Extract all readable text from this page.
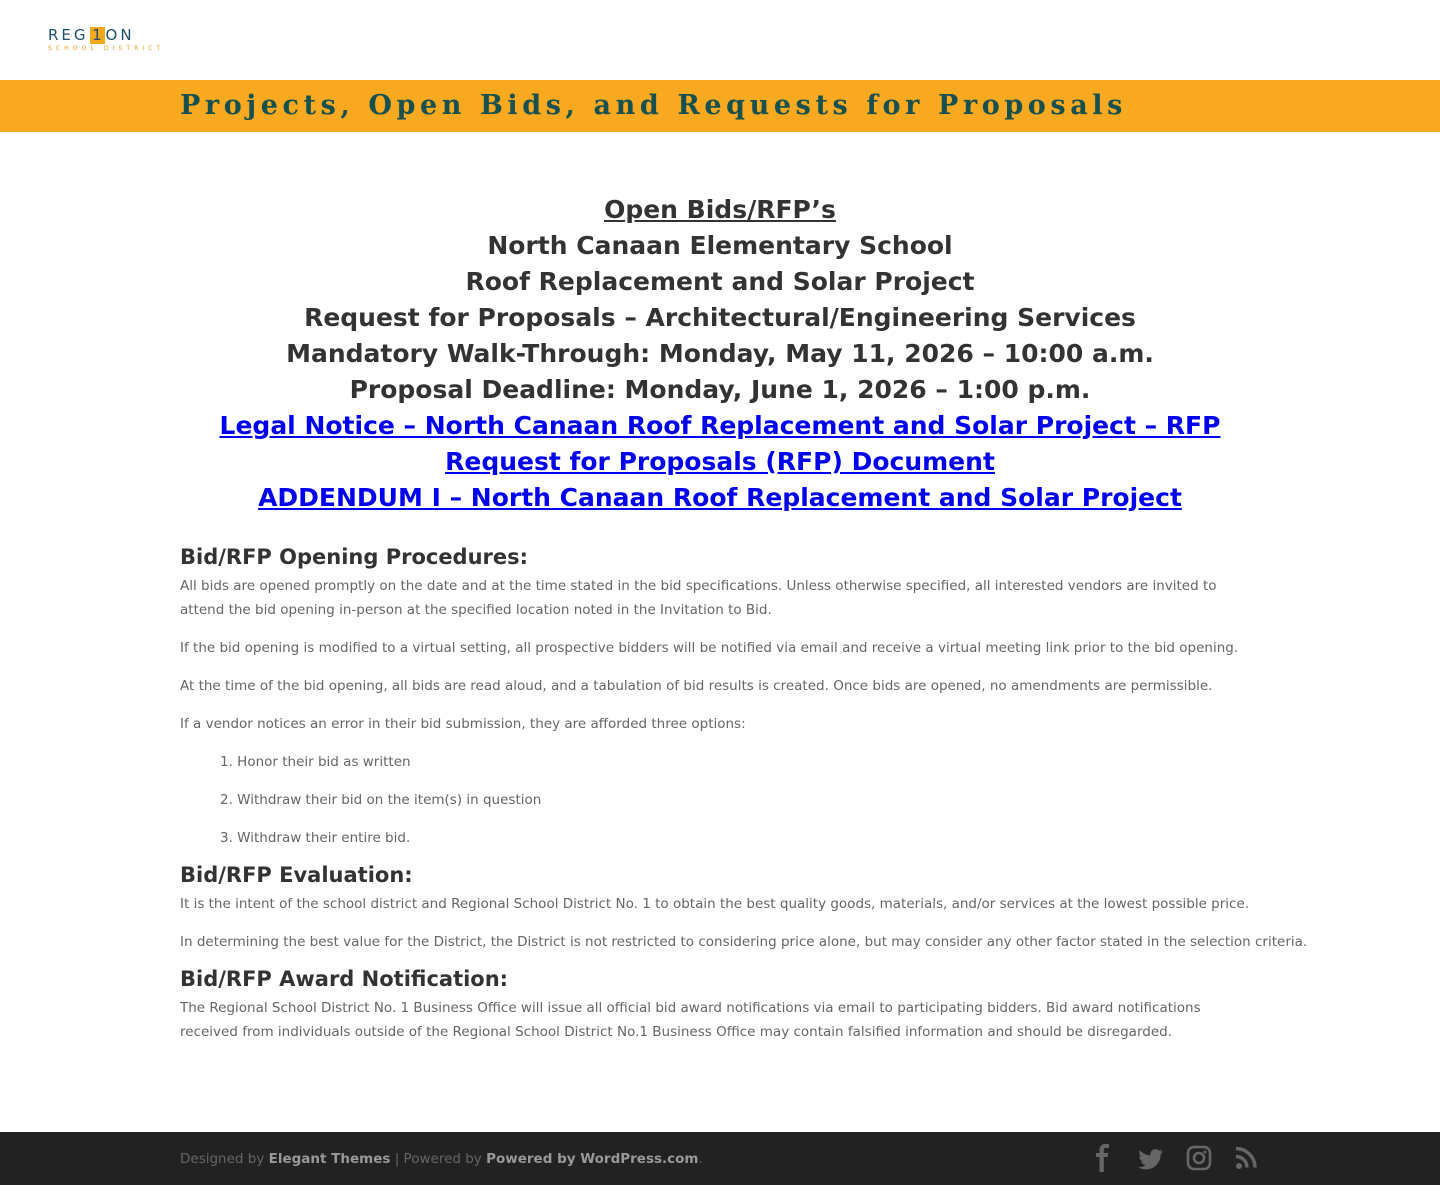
REG 1 ON
SCHOOL DISTRICT
Projects, Open Bids, and Requests for Proposals
Open Bids/RFP’s
North Canaan Elementary School
Roof Replacement and Solar Project
Request for Proposals – Architectural/Engineering Services
Mandatory Walk-Through: Monday, May 11, 2026 – 10:00 a.m.
Proposal Deadline: Monday, June 1, 2026 – 1:00 p.m.
Legal Notice – North Canaan Roof Replacement and Solar Project – RFP
Request for Proposals (RFP) Document
ADDENDUM I – North Canaan Roof Replacement and Solar Project
Bid/RFP Opening Procedures:

All bids are opened promptly on the date and at the time stated in the bid specifications. Unless otherwise specified, all interested vendors are invited to attend the bid opening in-person at the specified location noted in the Invitation to Bid.

If the bid opening is modified to a virtual setting, all prospective bidders will be notified via email and receive a virtual meeting link prior to the bid opening.

At the time of the bid opening, all bids are read aloud, and a tabulation of bid results is created. Once bids are opened, no amendments are permissible.

If a vendor notices an error in their bid submission, they are afforded three options:

1. Honor their bid as written
2. Withdraw their bid on the item(s) in question
3. Withdraw their entire bid.
Bid/RFP Evaluation:

It is the intent of the school district and Regional School District No. 1 to obtain the best quality goods, materials, and/or services at the lowest possible price.

In determining the best value for the District, the District is not restricted to considering price alone, but may consider any other factor stated in the selection criteria.

Bid/RFP Award Notification:

The Regional School District No. 1 Business Office will issue all official bid award notifications via email to participating bidders. Bid award notifications received from individuals outside of the Regional School District No.1 Business Office may contain falsified information and should be disregarded.

Designed by Elegant Themes | Powered by Powered by WordPress.com.
